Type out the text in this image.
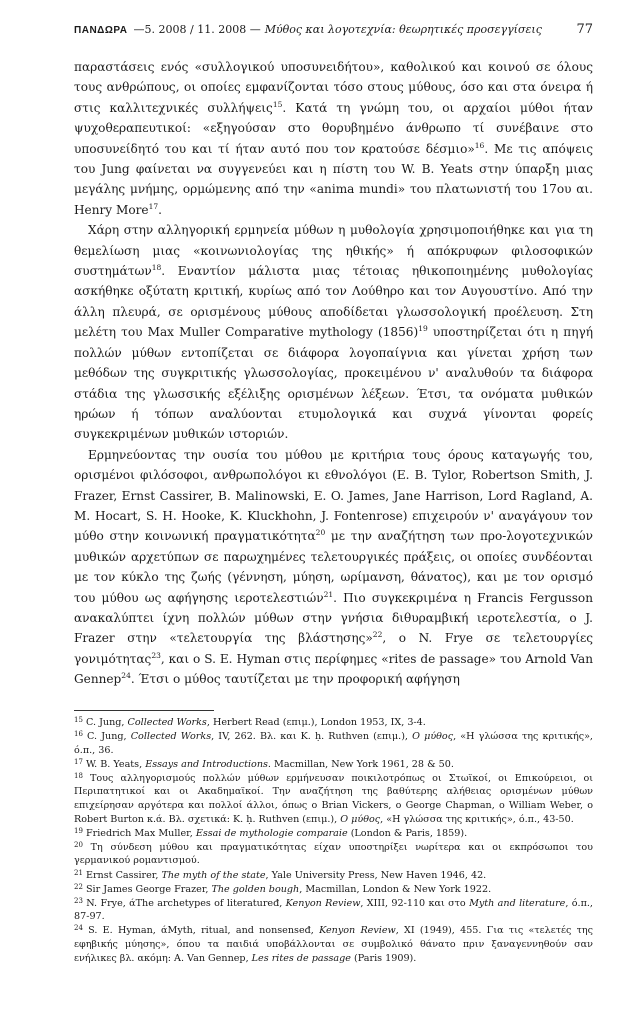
ΠΑΝΔΩΡΑ —5. 2008 / 11. 2008 — Μύθος και λογοτεχνία: θεωρητικές προσεγγίσεις	77

παραστάσεις ενός «συλλογικού υποσυνειδήτου», καθολικού και κοινού σε όλους τους ανθρώπους, οι οποίες εμφανίζονται τόσο στους μύθους, όσο και στα όνειρα ή στις καλλιτεχνικές συλλήψεις$^{15}$. Κατά τη γνώμη του, οι αρχαίοι μύθοι ήταν ψυχοθεραπευτικοί: «εξηγούσαν στο θορυβημένο άνθρωπο τί συνέβαινε στο υποσυνείδητό του και τί ήταν αυτό που τον κρατούσε δέσμιο»$^{16}$. Με τις απόψεις του Jung φαίνεται να συγγενεύει και η πίστη του W. B. Yeats στην ύπαρξη μιας μεγάλης μνήμης, ορμώμενης από την «anima mundi» του πλατωνιστή του 17ου αι. Henry More$^{17}$.

Χάρη στην αλληγορική ερμηνεία μύθων η μυθολογία χρησιμοποιήθηκε και για τη θεμελίωση μιας «κοινωνιολογίας της ηθικής» ή απόκρυφων φιλοσοφικών συστημάτων$^{18}$. Εναντίον μάλιστα μιας τέτοιας ηθικοποιημένης μυθολογίας ασκήθηκε οξύτατη κριτική, κυρίως από τον Λούθηρο και τον Αυγουστίνο. Από την άλλη πλευρά, σε ορισμένους μύθους αποδίδεται γλωσσολογική προέλευση. Στη μελέτη του Max Muller Comparative mythology $(1856)^{19}$ υποστηρίζεται ότι η πηγή πολλών μύθων εντοπίζεται σε διάφορα λογοπαίγνια και γίνεται χρήση των μεθόδων της συγκριτικής γλωσσολογίας, προκειμένου ν' αναλυθούν τα διάφορα στάδια της γλωσσικής εξέλιξης ορισμένων λέξεων. Έτσι, τα ονόματα μυθικών ηρώων ή τόπων αναλύονται ετυμολογικά και συχνά γίνονται φορείς συγκεκριμένων μυθικών ιστοριών.

Ερμηνεύοντας την ουσία του μύθου με κριτήρια τους όρους καταγωγής του, ορισμένοι φιλόσοφοι, ανθρωπολόγοι κι εθνολόγοι (E. B. Tylor, Robertson Smith, J. Frazer, Ernst Cassirer, B. Malinowski, E. O. James, Jane Harrison, Lord Ragland, A. M. Hocart, S. H. Hooke, K. Kluckhohn, J. Fontenrose) επιχειρούν ν' αναγάγουν τον μύθο στην κοινωνική πραγματικότητα$^{20}$ με την αναζήτηση των προ-λογοτεχνικών μυθικών αρχετύπων σε παρωχημένες τελετουργικές πράξεις, οι οποίες συνδέονται με τον κύκλο της ζωής (γέννηση, μύηση, ωρίμανση, θάνατος), και με τον ορισμό του μύθου ως αφήγησης ιεροτελεστιών$^{21}$. Πιο συγκεκριμένα η Francis Fergusson ανακαλύπτει ίχνη πολλών μύθων στην γνήσια διθυραμβική ιεροτελεστία, ο J. Frazer στην «τελετουργία της βλάστησης»$^{22}$, ο N. Frye σε τελετουργίες γονιμότητας$^{23}$, και ο S. E. Hyman στις περίφημες «rites de passage» του Arnold Van Gennep$^{24}$. Έτσι ο μύθος ταυτίζεται με την προφορική αφήγηση

$^{15}$ C. Jung, Collected Works, Herbert Read (επιμ.), London 1953, IX, 3-4.
$^{16}$ C. Jung, Collected Works, IV, 262. Βλ. και K. ḥ. Ruthven (επιμ.), Ο μύθος, «Η γλώσσα της κριτικής», ό.π., 36.
$^{17}$ W. B. Yeats, Essays and Introductions. Macmillan, New York 1961, 28 & 50.
$^{18}$ Τους αλληγορισμούς πολλών μύθων ερμήνευσαν ποικιλοτρόπως οι Στωϊκοί, οι Επικούρειοι, οι Περιπατητικοί και οι Ακαδημαϊκοί. Την αναζήτηση της βαθύτερης αλήθειας ορισμένων μύθων επιχείρησαν αργότερα και πολλοί άλλοι, όπως ο Brian Vickers, ο George Chapman, ο William Weber, ο Robert Burton κ.ά. Βλ. σχετικά: K. ḥ. Ruthven (επιμ.), Ο μύθος, «Η γλώσσα της κριτικής», ό.π., 43-50.
$^{19}$ Friedrich Max Muller, Essai de mythologie comparaie (London & Paris, 1859).
$^{20}$ Τη σύνδεση μύθου και πραγματικότητας είχαν υποστηρίξει νωρίτερα και οι εκπρόσωποι του γερμανικού ρομαντισμού.
$^{21}$ Ernst Cassirer, The myth of the state, Yale University Press, New Haven 1946, 42.
$^{22}$ Sir James George Frazer, The golden bough, Macmillan, London & New York 1922.
$^{23}$ N. Frye, άThe archetypes of literatuređ, Kenyon Review, XIII, 92-110 και στο Myth and literature, ό.π., 87-97.
$^{24}$ S. E. Hyman, άMyth, ritual, and nonsenseđ, Kenyon Review, XI (1949), 455. Για τις «τελετές της εφηβικής μύησης», όπου τα παιδιά υποβάλλονται σε συμβολικό θάνατο πριν ξαναγεννηθούν σαν ενήλικες βλ. ακόμη: A. Van Gennep, Les rites de passage (Paris 1909).
